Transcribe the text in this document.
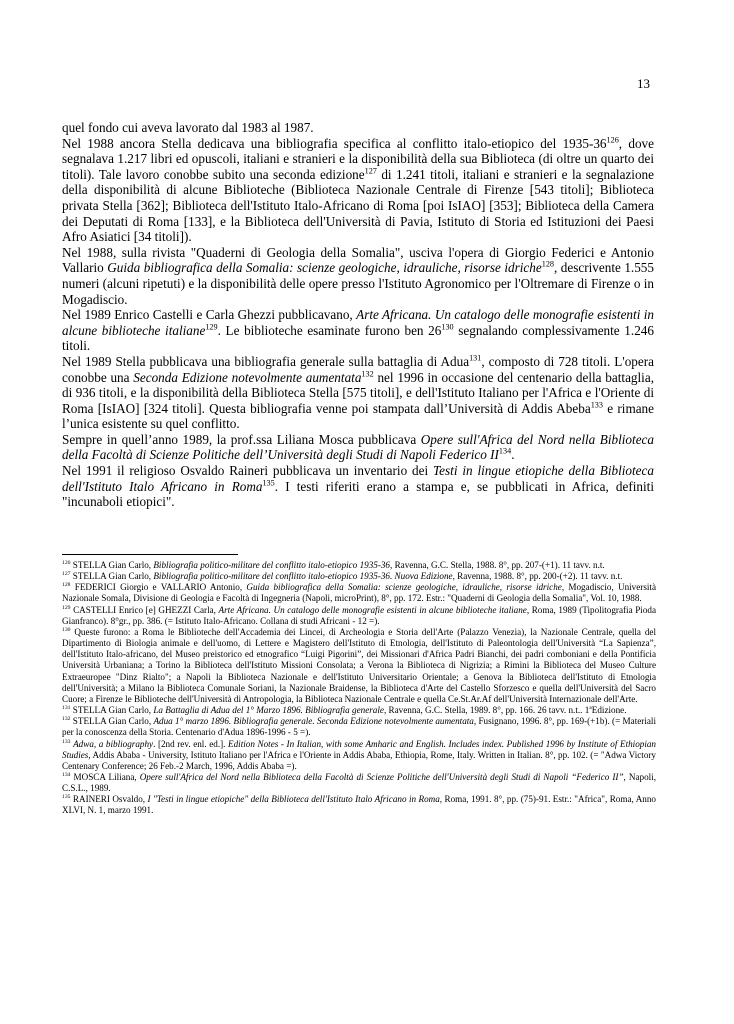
13

quel fondo cui aveva lavorato dal 1983 al 1987.

Nel 1988 ancora Stella dedicava una bibliografia specifica al conflitto italo-etiopico del $1935-36^{126}$, dove segnalava 1.217 libri ed opuscoli, italiani e stranieri e la disponibilità della sua Biblioteca (di oltre un quarto dei titoli). Tale lavoro conobbe subito una seconda edizione$^{127}$ di 1.241 titoli, italiani e stranieri e la segnalazione della disponibilità di alcune Biblioteche (Biblioteca Nazionale Centrale di Firenze [543 titoli]; Biblioteca privata Stella [362]; Biblioteca dell'Istituto Italo-Africano di Roma [poi IsIAO] [353]; Biblioteca della Camera dei Deputati di Roma [133], e la Biblioteca dell'Università di Pavia, Istituto di Storia ed Istituzioni dei Paesi Afro Asiatici [34 titoli]).

Nel 1988, sulla rivista "Quaderni di Geologia della Somalia", usciva l'opera di Giorgio Federici e Antonio Vallario Guida bibliografica della Somalia: scienze geologiche, idrauliche, risorse idriche$^{128}$, descrivente 1.555 numeri (alcuni ripetuti) e la disponibilità delle opere presso l'Istituto Agronomico per l'Oltremare di Firenze o in Mogadiscio.

Nel 1989 Enrico Castelli e Carla Ghezzi pubblicavano, Arte Africana. Un catalogo delle monografie esistenti in alcune biblioteche italiane$^{129}$. Le biblioteche esaminate furono ben $26^{130}$ segnalando complessivamente 1.246 titoli.

Nel 1989 Stella pubblicava una bibliografia generale sulla battaglia di Adua$^{131}$, composto di 728 titoli. L'opera conobbe una Seconda Edizione notevolmente aumentata$^{132}$ nel 1996 in occasione del centenario della battaglia, di 936 titoli, e la disponibilità della Biblioteca Stella [575 titoli], e dell'Istituto Italiano per l'Africa e l'Oriente di Roma [IsIAO] [324 titoli]. Questa bibliografia venne poi stampata dall’Università di Addis Abeba$^{133}$ e rimane l’unica esistente su quel conflitto.

Sempre in quell’anno 1989, la prof.ssa Liliana Mosca pubblicava Opere sull'Africa del Nord nella Biblioteca della Facoltà di Scienze Politiche dell’Università degli Studi di Napoli Federico II$^{134}$.

Nel 1991 il religioso Osvaldo Raineri pubblicava un inventario dei Testi in lingue etiopiche della Biblioteca dell'Istituto Italo Africano in Roma$^{135}$. I testi riferiti erano a stampa e, se pubblicati in Africa, definiti "incunaboli etiopici".

$^{126}$ STELLA Gian Carlo, Bibliografia politico-militare del conflitto italo-etiopico 1935-36, Ravenna, G.C. Stella, 1988. 8°, pp. 207-(+1). 11 tavv. n.t.

$^{127}$ STELLA Gian Carlo, Bibliografia politico-militare del conflitto italo-etiopico 1935-36. Nuova Edizione, Ravenna, 1988. 8°, pp. 200-(+2). 11 tavv. n.t.

$^{128}$ FEDERICI Giorgio e VALLARIO Antonio, Guida bibliografica della Somalia: scienze geologiche, idrauliche, risorse idriche, Mogadiscio, Università Nazionale Somala, Divisione di Geologia e Facoltà di Ingegneria (Napoli, microPrint), 8°, pp. 172. Estr.: "Quaderni di Geologia della Somalia", Vol. 10, 1988.

$^{129}$ CASTELLI Enrico [e] GHEZZI Carla, Arte Africana. Un catalogo delle monografie esistenti in alcune biblioteche italiane, Roma, 1989 (Tipolitografia Pioda Gianfranco). 8°gr., pp. 386. (= Istituto Italo-Africano. Collana di studi Africani - 12 =).

$^{130}$ Queste furono: a Roma le Biblioteche dell'Accademia dei Lincei, di Archeologia e Storia dell'Arte (Palazzo Venezia), la Nazionale Centrale, quella del Dipartimento di Biologia animale e dell'uomo, di Lettere e Magistero dell'Istituto di Etnologia, dell'Istituto di Paleontologia dell'Università “La Sapienza”, dell'Istituto Italo-africano, del Museo preistorico ed etnografico “Luigi Pigorini”, dei Missionari d'Africa Padri Bianchi, dei padri comboniani e della Pontificia Università Urbaniana; a Torino la Biblioteca dell'Istituto Missioni Consolata; a Verona la Biblioteca di Nigrizia; a Rimini la Biblioteca del Museo Culture Extraeuropee "Dinz Rialto"; a Napoli la Biblioteca Nazionale e dell'Istituto Universitario Orientale; a Genova la Biblioteca dell'Istituto di Etnologia dell'Università; a Milano la Biblioteca Comunale Soriani, la Nazionale Braidense, la Biblioteca d'Arte del Castello Sforzesco e quella dell'Università del Sacro Cuore; a Firenze le Biblioteche dell'Università di Antropologia, la Biblioteca Nazionale Centrale e quella Ce.St.Ar.Af dell'Università Internazionale dell'Arte.

$^{131}$ STELLA Gian Carlo, La Battaglia di Adua del 1° Marzo 1896. Bibliografia generale, Ravenna, G.C. Stella, 1989. 8°, pp. 166. 26 tavv. n.t.. 1$^a$Edizione.

$^{132}$ STELLA Gian Carlo, Adua 1° marzo 1896. Bibliografia generale. Seconda Edizione notevolmente aumentata, Fusignano, 1996. 8°, pp. 169-(+1b). (= Materiali per la conoscenza della Storia. Centenario d'Adua 1896-1996 - 5 =).

$^{133}$ Adwa, a bibliography. [2nd rev. enl. ed.]. Edition Notes - In Italian, with some Amharic and English. Includes index. Published 1996 by Institute of Ethiopian Studies, Addis Ababa - University, Istituto Italiano per l'Africa e l'Oriente in Addis Ababa, Ethiopia, Rome, Italy. Written in Italian. 8°, pp. 102. (= "Adwa Victory Centenary Conference; 26 Feb.-2 March, 1996, Addis Ababa =).

$^{134}$ MOSCA Liliana, Opere sull'Africa del Nord nella Biblioteca della Facoltà di Scienze Politiche dell'Università degli Studi di Napoli “Federico II”, Napoli, C.S.L., 1989.

$^{135}$ RAINERI Osvaldo, I "Testi in lingue etiopiche" della Biblioteca dell'Istituto Italo Africano in Roma, Roma, 1991. 8°, pp. (75)-91. Estr.: "Africa", Roma, Anno XLVI, N. 1, marzo 1991.
